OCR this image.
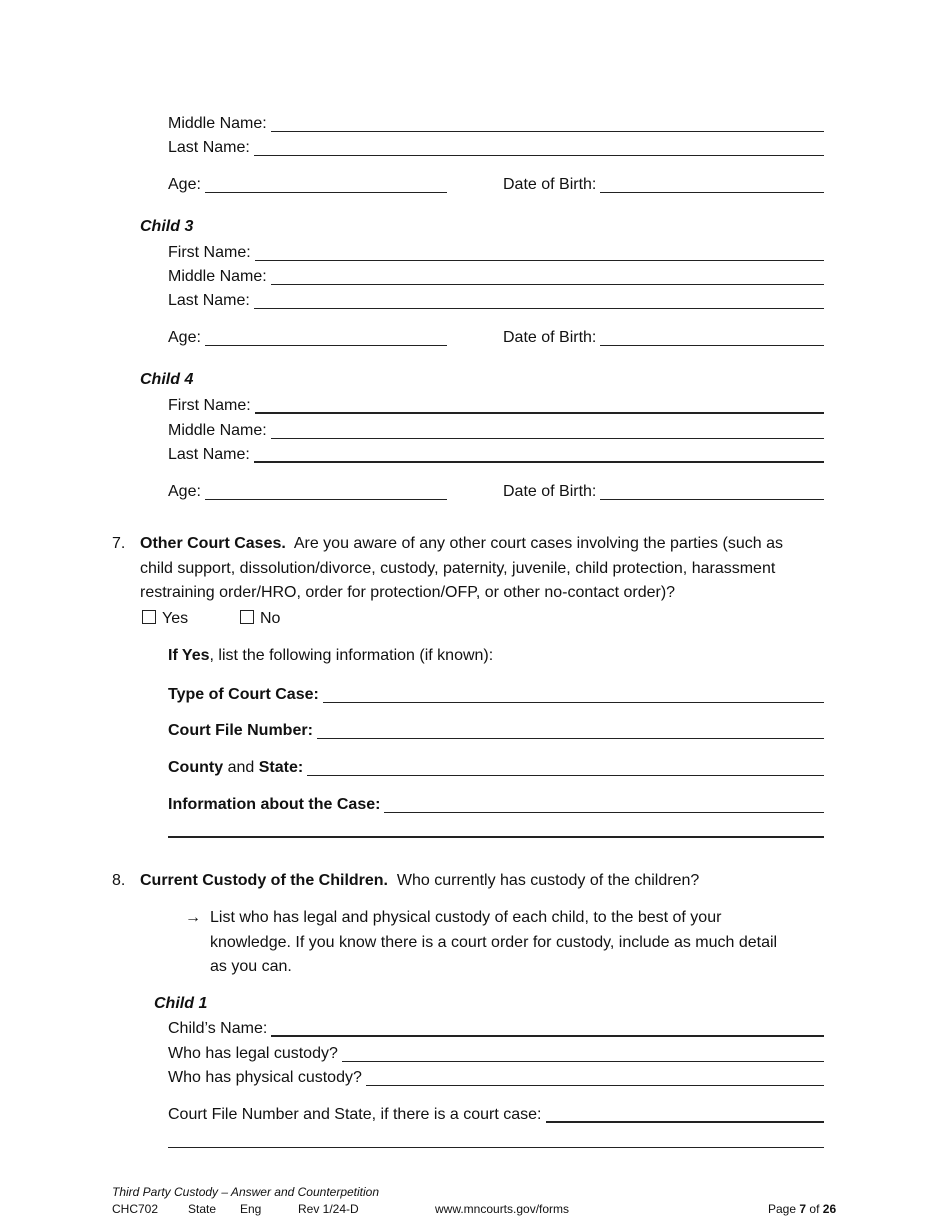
Middle Name:
Last Name:
Age:	Date of Birth:
Child 3
First Name:
Middle Name:
Last Name:
Age:	Date of Birth:
Child 4
First Name:
Middle Name:
Last Name:
Age:	Date of Birth:
7. Other Court Cases. Are you aware of any other court cases involving the parties (such as
child support, dissolution/divorce, custody, paternity, juvenile, child protection, harassment
restraining order/HRO, order for protection/OFP, or other no-contact order)?
Yes	No
If Yes, list the following information (if known):
Type of Court Case:
Court File Number:
County and State:
Information about the Case:
8. Current Custody of the Children. Who currently has custody of the children?
→ List who has legal and physical custody of each child, to the best of your
knowledge. If you know there is a court order for custody, include as much detail
as you can.
Child 1
Child’s Name:
Who has legal custody?
Who has physical custody?
Court File Number and State, if there is a court case:
Third Party Custody – Answer and Counterpetition
CHC702 State Eng	Rev 1/24-D	www.mncourts.gov/forms	Page 7 of 26
